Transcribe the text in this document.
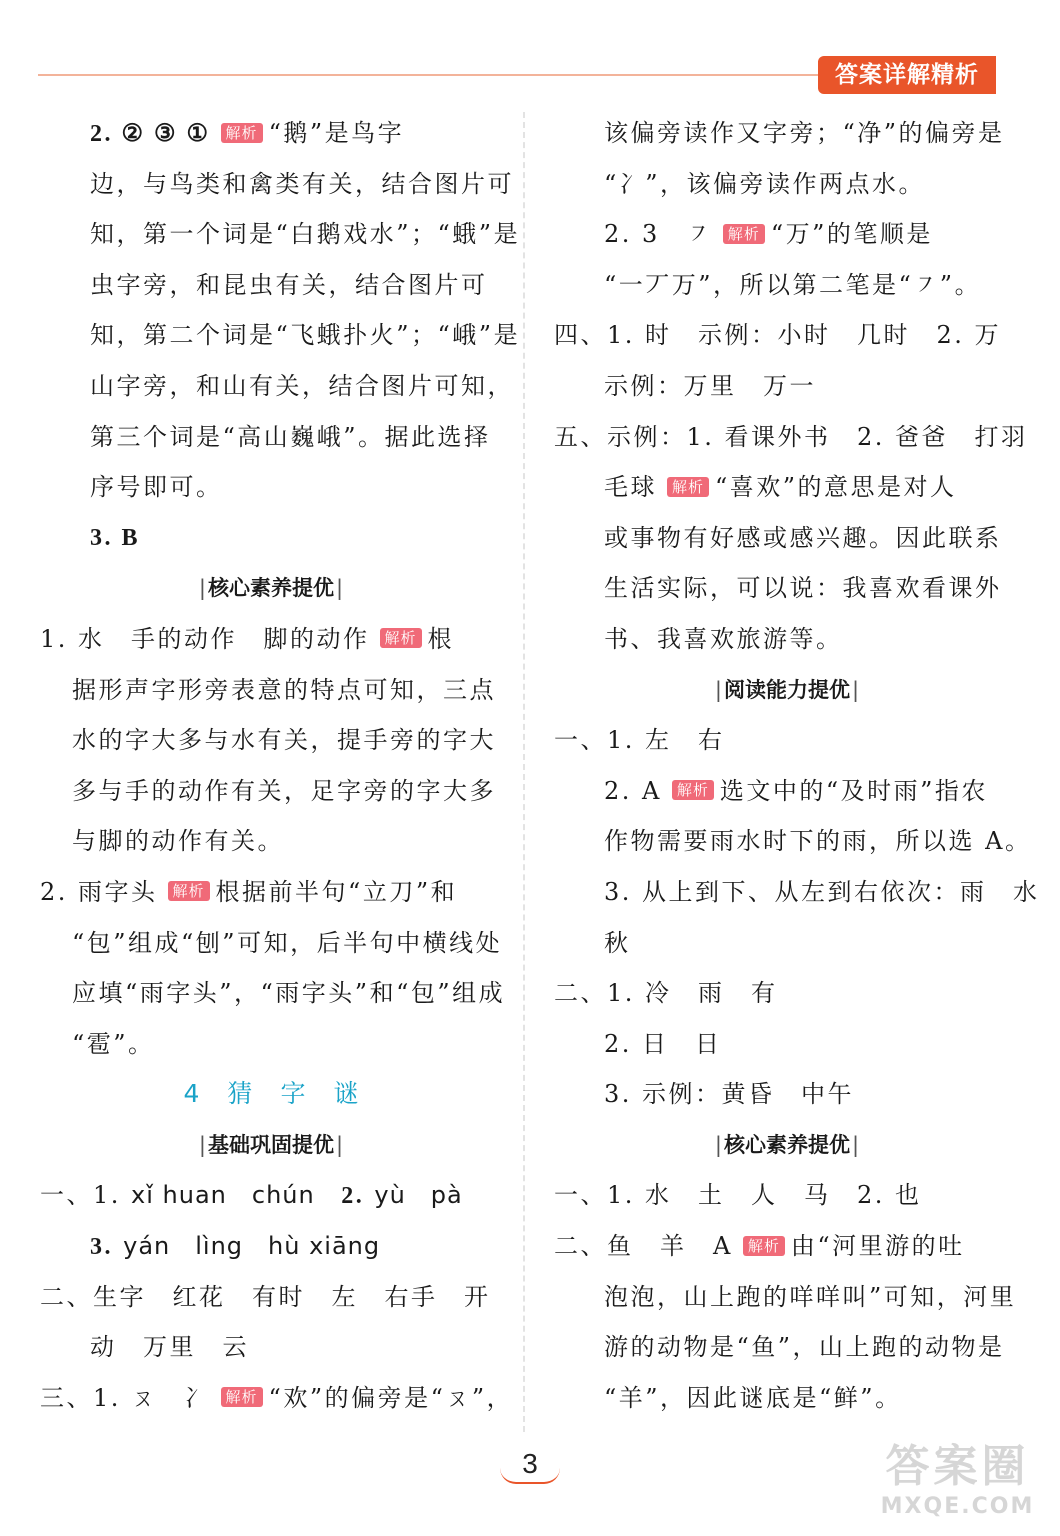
答案详解精析
2. ② ③ ① 解析 “鹅”是鸟字
边，与鸟类和禽类有关，结合图片可
知，第一个词是“白鹅戏水”；“蛾”是
虫字旁，和昆虫有关，结合图片可
知，第二个词是“飞蛾扑火”；“峨”是
山字旁，和山有关，结合图片可知，
第三个词是“高山巍峨”。据此选择
序号即可。
3. B
|核心素养提优|
1. 水　手的动作　脚的动作 解析 根
据形声字形旁表意的特点可知，三点
水的字大多与水有关，提手旁的字大
多与手的动作有关，足字旁的字大多
与脚的动作有关。
2. 雨字头 解析 根据前半句“立刀”和
“包”组成“刨”可知，后半句中横线处
应填“雨字头”，“雨字头”和“包”组成
“雹”。
4 猜 字 谜
|基础巩固提优|
一、1. xǐ huan　chún　 2. yù　pà
3. yán　lìng　hù xiāng
二、生字　红花　有时　左　右手　开
动　万里　云
三、1. ㄡ　冫 解析 “欢”的偏旁是“ㄡ”，
该偏旁读作又字旁；“净”的偏旁是
“冫”，该偏旁读作两点水。
2. 3　㇇ 解析 “万”的笔顺是
“一丆万”，所以第二笔是“㇇”。
四、1. 时　示例：小时　几时　2. 万
示例：万里　万一
五、示例：1. 看课外书　2. 爸爸　打羽
毛球 解析 “喜欢”的意思是对人
或事物有好感或感兴趣。因此联系
生活实际，可以说：我喜欢看课外
书、我喜欢旅游等。
|阅读能力提优|
一、1. 左　右
2. A 解析 选文中的“及时雨”指农
作物需要雨水时下的雨，所以选 A。
3. 从上到下、从左到右依次：雨　水
秋
二、1. 冷　雨　有
2. 日　日
3. 示例：黄昏　中午
|核心素养提优|
一、1. 水　土　人　马　2. 也
二、鱼　羊　A 解析 由“河里游的吐
泡泡，山上跑的咩咩叫”可知，河里
游的动物是“鱼”，山上跑的动物是
“羊”，因此谜底是“鲜”。
3	答案圈
MXQE.COM
